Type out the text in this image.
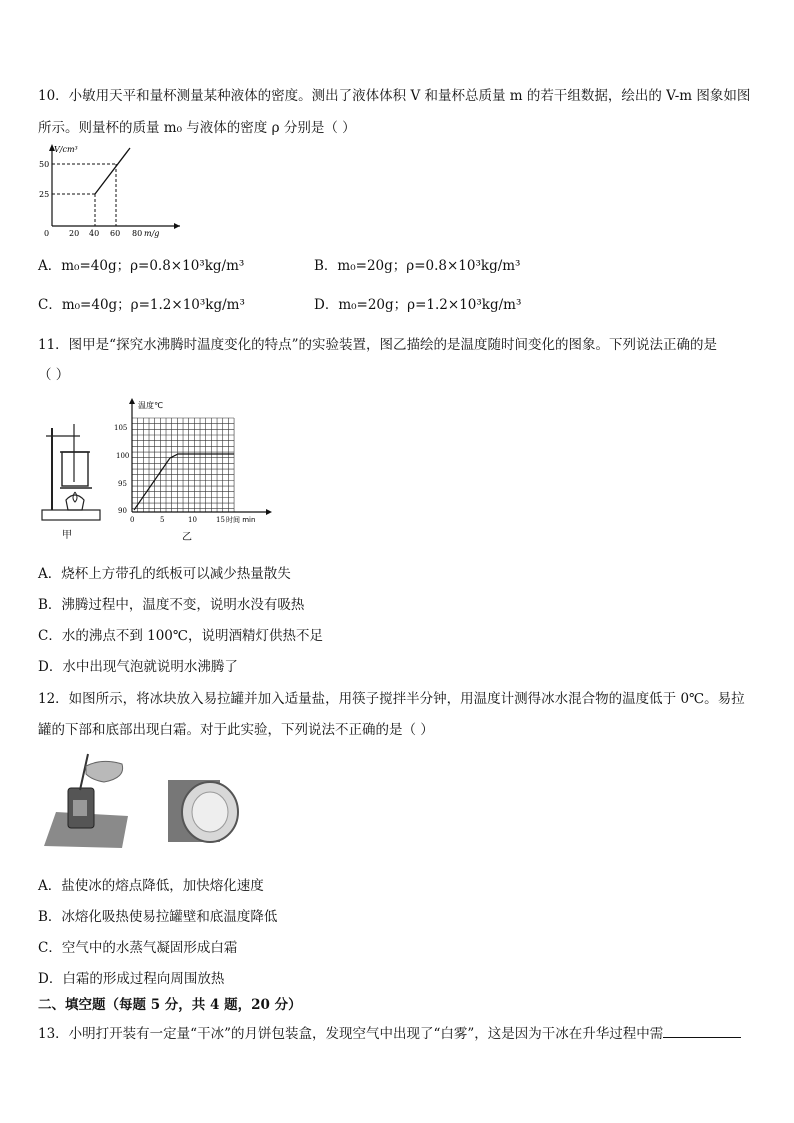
10．小敏用天平和量杯测量某种液体的密度。测出了液体体积 V 和量杯总质量 m 的若干组数据，绘出的 V-m 图象如图
所示。则量杯的质量 m₀ 与液体的密度 ρ 分别是（ ）
V/cm³
50
25
0 20 40 60 80 m/g
A．m₀=40g；ρ=0.8×10³kg/m³	B．m₀=20g；ρ=0.8×10³kg/m³
C．m₀=40g；ρ=1.2×10³kg/m³	D．m₀=20g；ρ=1.2×10³kg/m³
11．图甲是“探究水沸腾时温度变化的特点”的实验装置，图乙描绘的是温度随时间变化的图象。下列说法正确的是
（ ）
甲
温度℃
105
100
95
90
0	5	10	15 时间 min
乙
A．烧杯上方带孔的纸板可以减少热量散失
B．沸腾过程中，温度不变，说明水没有吸热
C．水的沸点不到 100℃，说明酒精灯供热不足
D．水中出现气泡就说明水沸腾了
12．如图所示，将冰块放入易拉罐并加入适量盐，用筷子搅拌半分钟，用温度计测得冰水混合物的温度低于 0℃。易拉
罐的下部和底部出现白霜。对于此实验，下列说法不正确的是（ ）
A．盐使冰的熔点降低，加快熔化速度
B．冰熔化吸热使易拉罐壁和底温度降低
C．空气中的水蒸气凝固形成白霜
D．白霜的形成过程向周围放热
二、填空题（每题 5 分，共 4 题，20 分）
13．小明打开装有一定量“干冰”的月饼包装盒，发现空气中出现了“白雾”，这是因为干冰在升华过程中需
